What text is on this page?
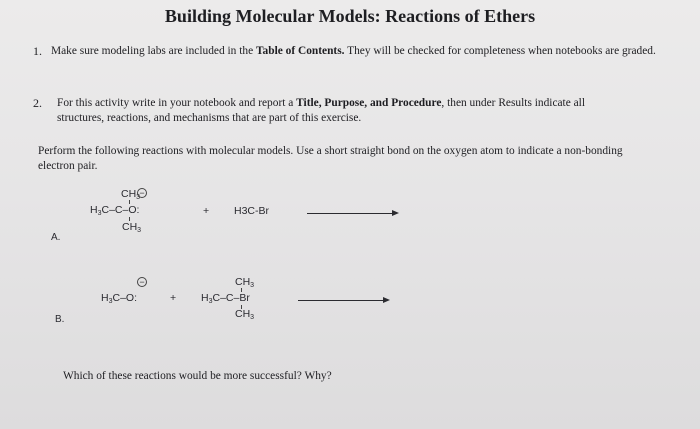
Building Molecular Models: Reactions of Ethers
1. Make sure modeling labs are included in the Table of Contents. They will be checked for completeness when notebooks are graded.
2. For this activity write in your notebook and report a Title, Purpose, and Procedure, then under Results indicate all structures, reactions, and mechanisms that are part of this exercise.
Perform the following reactions with molecular models. Use a short straight bond on the oxygen atom to indicate a non-bonding electron pair.
A.
$CH_3$ −
$H_3C-C-O$:
$CH_3$
+ H3C-Br
B.
−
$H_3C-O$:	+
$CH_3$
$H_3C-C-Br$
$CH_3$
Which of these reactions would be more successful? Why?
